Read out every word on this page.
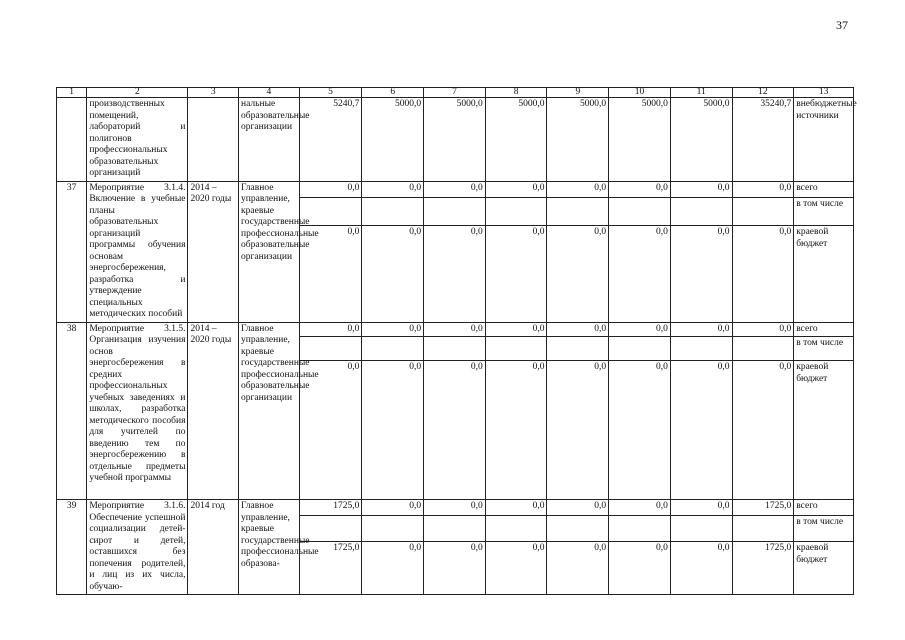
37
1	2	3	4	5	6	7	8	9	10	11	12	13
	производственных помещений, лабораторий и полигонов профессиональных образовательных организаций		нальные образовательные организации	5240,7	5000,0	5000,0	5000,0	5000,0	5000,0	5000,0	35240,7	внебюджетные источники
37	Мероприятие 3.1.4. Включение в учебные планы образовательных организаций программы обучения основам энергосбережения, разработка и утверждение специальных методических пособий	2014 – 2020 годы	Главное управление, краевые государственные профессиональные образовательные организации	0,0	0,0	0,0	0,0	0,0	0,0	0,0	0,0	всего
												в том числе
				0,0	0,0	0,0	0,0	0,0	0,0	0,0	0,0	краевой бюджет
38	Мероприятие 3.1.5. Организация изучения основ энергосбережения в средних профессиональных учебных заведениях и школах, разработка методического пособия для учителей по введению тем по энергосбережению в отдельные предметы учебной программы	2014 – 2020 годы	Главное управление, краевые государственные профессиональные образовательные организации	0,0	0,0	0,0	0,0	0,0	0,0	0,0	0,0	всего
												в том числе
				0,0	0,0	0,0	0,0	0,0	0,0	0,0	0,0	краевой бюджет
39	Мероприятие 3.1.6. Обеспечение успешной социализации детей-сирот и детей, оставшихся без попечения родителей, и лиц из их числа, обучаю-	2014 год	Главное управление, краевые государственные профессиональные образова-	1725,0	0,0	0,0	0,0	0,0	0,0	0,0	1725,0	всего
												в том числе
				1725,0	0,0	0,0	0,0	0,0	0,0	0,0	1725,0	краевой бюджет
